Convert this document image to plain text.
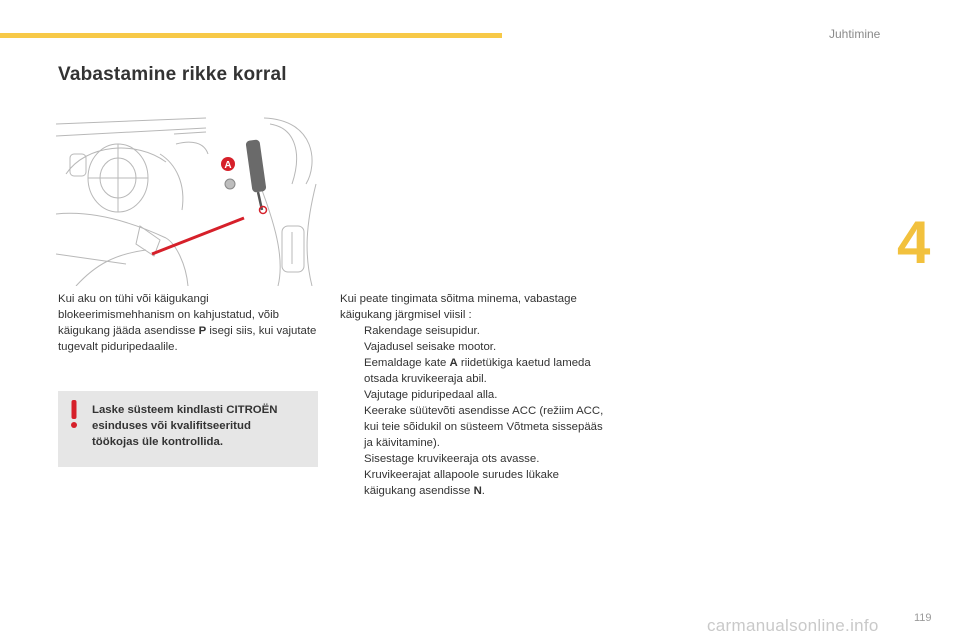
Juhtimine
4
Vabastamine rikke korral
A
Kui aku on tühi või käigukangi blokeerimismehhanism on kahjustatud, võib käigukang jääda asendisse P isegi siis, kui vajutate tugevalt piduripedaalile.
Laske süsteem kindlasti CITROËN esinduses või kvalifitseeritud töökojas üle kontrollida.

Kui peate tingimata sõitma minema, vabastage käigukang järgmisel viisil :

Rakendage seisupidur.
Vajadusel seisake mootor.
Eemaldage kate A riidetükiga kaetud lameda otsada kruvikeeraja abil.
Vajutage piduripedaal alla.
Keerake süütevõti asendisse ACC (režiim ACC, kui teie sõidukil on süsteem Võtmeta sissepääs ja käivitamine).
Sisestage kruvikeeraja ots avasse.
Kruvikeerajat allapoole surudes lükake käigukang asendisse N.
119
carmanualsonline.info
